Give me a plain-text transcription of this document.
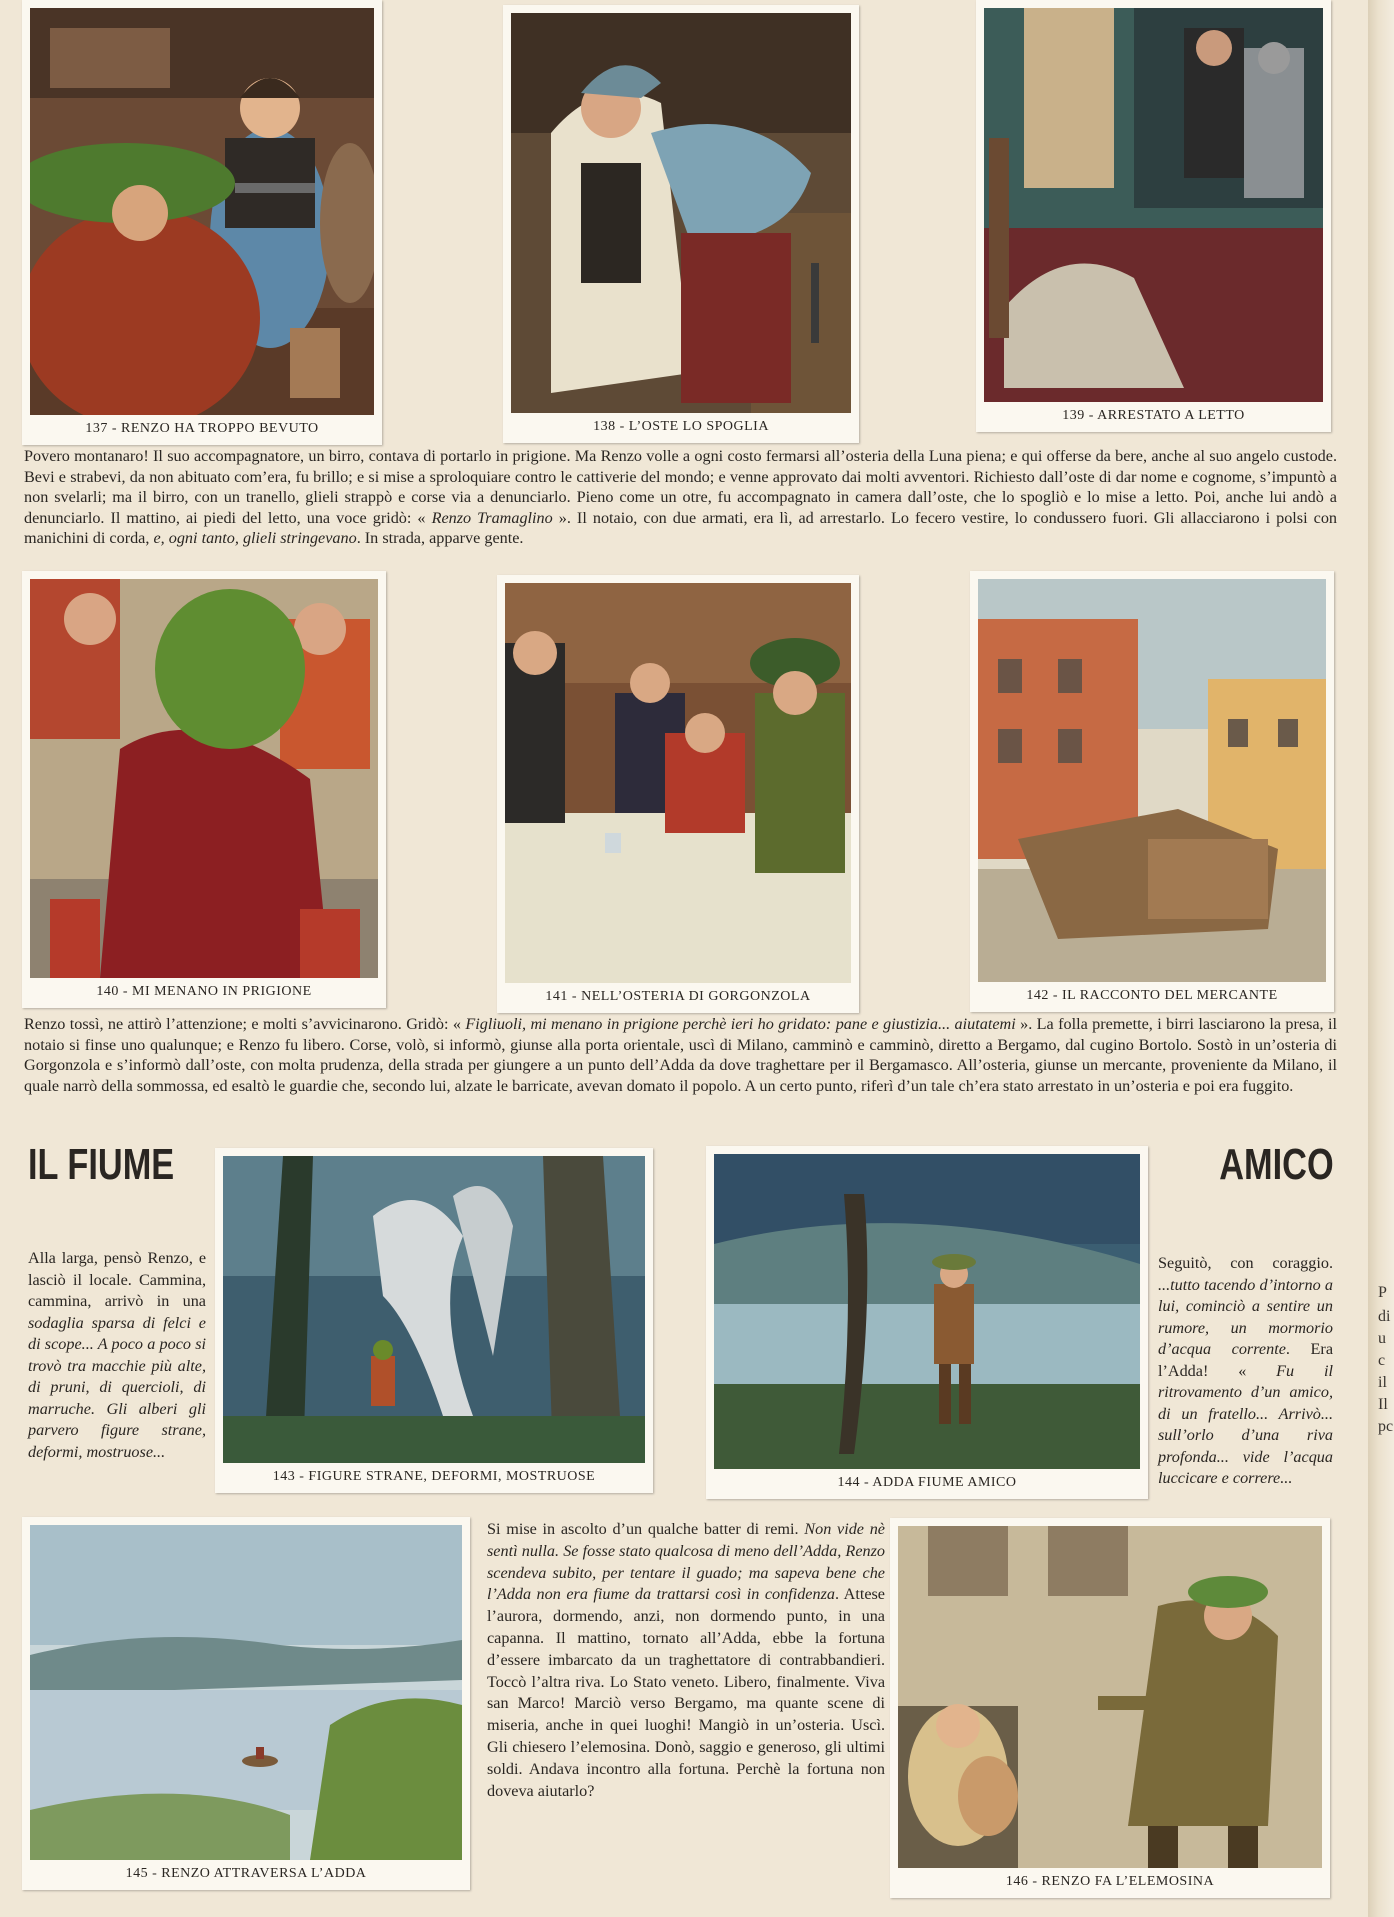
137 - RENZO HA TROPPO BEVUTO	138 - L’OSTE LO SPOGLIA
139 - ARRESTATO A LETTO
Povero montanaro! Il suo accompagnatore, un birro, contava di portarlo in prigione. Ma Renzo volle a ogni costo fermarsi all’osteria della Luna piena; e qui offerse da bere, anche al suo angelo custode. Bevi e strabevi, da non abituato com’era, fu brillo; e si mise a sproloquiare contro le cattiverie del mondo; e venne approvato dai molti avventori. Richiesto dall’oste di dar nome e cognome, s’impuntò a non svelarli; ma il birro, con un tranello, glieli strappò e corse via a denunciarlo. Pieno come un otre, fu accompagnato in camera dall’oste, che lo spogliò e lo mise a letto. Poi, anche lui andò a denunciarlo. Il mattino, ai piedi del letto, una voce gridò: « Renzo Tramaglino ». Il notaio, con due armati, era lì, ad arrestarlo. Lo fecero vestire, lo condussero fuori. Gli allacciarono i polsi con manichini di corda, e, ogni tanto, glieli stringevano. In strada, apparve gente.
140 - MI MENANO IN PRIGIONE	141 - NELL’OSTERIA DI GORGONZOLA	142 - IL RACCONTO DEL MERCANTE
Renzo tossì, ne attirò l’attenzione; e molti s’avvicinarono. Gridò: « Figliuoli, mi menano in prigione perchè ieri ho gridato: pane e giustizia... aiutatemi ». La folla premette, i birri lasciarono la presa, il notaio si finse uno qualunque; e Renzo fu libero. Corse, volò, si informò, giunse alla porta orientale, uscì di Milano, camminò e camminò, diretto a Bergamo, dal cugino Bortolo. Sostò in un’osteria di Gorgonzola e s’informò dall’oste, con molta prudenza, della strada per giungere a un punto dell’Adda da dove traghettare per il Bergamasco. All’osteria, giunse un mercante, proveniente da Milano, il quale narrò della sommossa, ed esaltò le guardie che, secondo lui, alzate le barricate, avevan domato il popolo. A un certo punto, riferì d’un tale ch’era stato arrestato in un’osteria e poi era fuggito.
IL FIUME	AMICO
Alla larga, pensò Renzo, e lasciò il locale. Cammina, cammina, arrivò in una sodaglia sparsa di felci e di scope... A poco a poco si trovò tra macchie più alte, di pruni, di quercioli, di marruche. Gli alberi gli parvero figure strane, deformi, mostruose...
143 - FIGURE STRANE, DEFORMI, MOSTRUOSE	144 - ADDA FIUME AMICO
Seguitò, con coraggio. ...tutto tacendo d’intorno a lui, cominciò a sentire un rumore, un mormorio d’acqua corrente. Era l’Adda! « Fu il ritrovamento d’un amico, di un fratello... Arrivò... sull’orlo d’una riva profonda... vide l’acqua luccicare e correre...
145 - RENZO ATTRAVERSA L’ADDA
Si mise in ascolto d’un qualche batter di remi. Non vide nè sentì nulla. Se fosse stato qualcosa di meno dell’Adda, Renzo scendeva subito, per tentare il guado; ma sapeva bene che l’Adda non era fiume da trattarsi così in confidenza. Attese l’aurora, dormendo, anzi, non dormendo punto, in una capanna. Il mattino, tornato all’Adda, ebbe la fortuna d’essere imbarcato da un traghettatore di contrabbandieri. Toccò l’altra riva. Lo Stato veneto. Libero, finalmente. Viva san Marco! Marciò verso Bergamo, ma quante scene di miseria, anche in quei luoghi! Mangiò in un’osteria. Uscì. Gli chiesero l’elemosina. Donò, saggio e generoso, gli ultimi soldi. Andava incontro alla fortuna. Perchè la fortuna non doveva aiutarlo?
146 - RENZO FA L’ELEMOSINA
P
di
u
c
il
Il
pc
